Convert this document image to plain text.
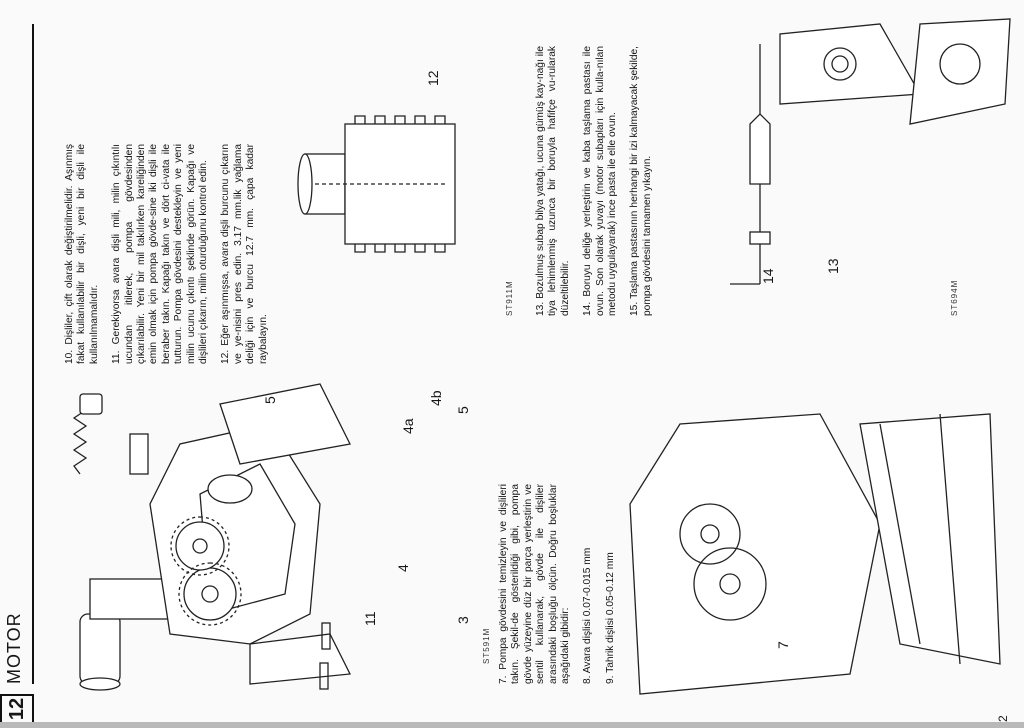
12
MOTOR
4
4a
4b
5
5
11	3
ST591M 7. Pompa gövdesini temizleyin ve dişlileri takın. Şekil-de gösterildiği gibi, pompa gövde yüzeyine düz bir parça yerleştirin ve sentil kullanarak, gövde ile dişliler arasındaki boşluğu ölçün. Doğru boşluklar aşağıdaki gibidir: 8. Avara dişlisi 0.07-0.015 mm 9. Tahrik dişlisi 0.05-0.12 mm	7
2

10. Dişliler, çift olarak değiştirilmelidir. Aşınmış fakat kullanılabilir bir dişli, yeni bir dişli ile kullanılmamalıdır. 11. Gerekiyorsa avara dişli mili, milin çıkıntılı ucundan itilerek, pompa gövdesinden çıkarılabilir. Yeni bir mil takılırken kareliğinden emin olmak için pompa gövde-sine iki dişli ile beraber takın. Kapağı takın ve dört ci-vata ile tutturun. Pompa gövdesini destekleyin ve yeni milin ucunu çıkıntı şeklinde görün. Kapağı ve dişlileri çıkarın, milin oturduğunu kontrol edin. 12. Eğer aşınmışsa, avara dişli burcunu çıkarın ve ye-nisini pres edin. 3.17 mm.lik yağlama deliği için ve burcu 12.7 mm. çapa kadar raybalayın.

12
ST911M 13. Bozulmuş subap bilya yatağı, ucuna gümüş kay-nağı ile tiya lehimlenmiş uzunca bir boruyla hafifçe vu-rularak düzeltilebilir. 14. Boruyu deliğe yerleştirin ve kaba taşlama pastası ile ovun. Son olarak yuvayı (motor subapları için kulla-nılan metodu uygulayarak) ince pasta ile elle ovun. 15. Taşlama pastasının herhangi bir izi kalmayacak şekilde, pompa gövdesini tamamen yıkayın.	14
13
ST694M
